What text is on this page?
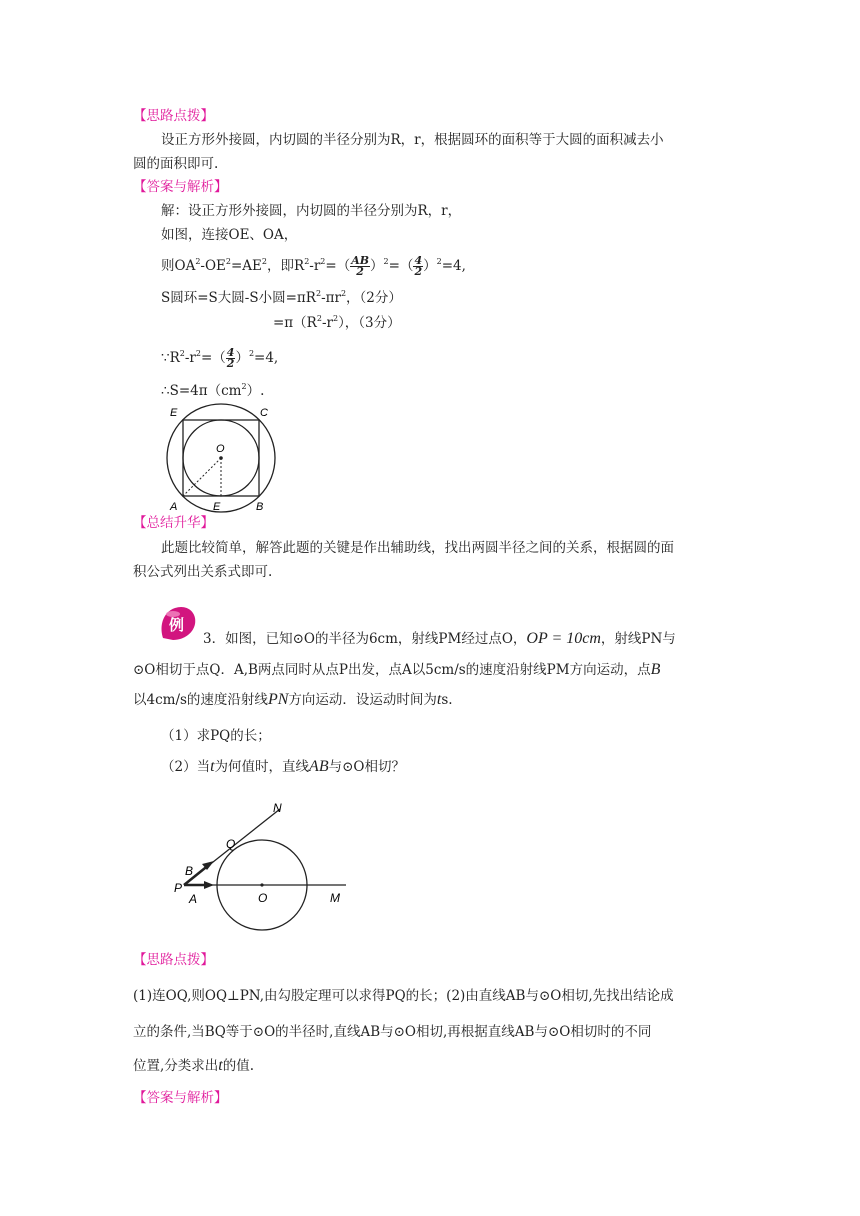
【思路点拨】
设正方形外接圆，内切圆的半径分别为R，r，根据圆环的面积等于大圆的面积减去小
圆的面积即可.
【答案与解析】
解：设正方形外接圆，内切圆的半径分别为R，r，
如图，连接OE、OA，
则$OA^2-OE^2=AE^2$，即$R^2-r^2=( \frac{AB}{2} )^2=( \frac{4}{2} )^2=4$,
S圆环=S大圆-S小圆$=\pi R^2-\pi r^2$，（2分）
$=\pi(R^2-r^2)$，（3分）
$\because R^2-r^2=( \frac{4}{2} )^2=4$,
$\therefore S=4\pi(cm^2)$.
E	C
O
A	E	B
【总结升华】
此题比较简单，解答此题的关键是作出辅助线，找出两圆半径之间的关系，根据圆的面
积公式列出关系式即可.
例
3．如图，已知⊙O的半径为6cm，射线PM经过点O，OP = 10cm，射线PN与
⊙O相切于点Q．A,B两点同时从点P出发，点A以5cm/s的速度沿射线PM方向运动，点B
以4cm/s的速度沿射线PN方向运动．设运动时间为ts.
（1）求PQ的长；
（2）当t为何值时，直线AB与⊙O相切？
N
Q
B
P
A	O	M
【思路点拨】
(1)连OQ,则OQ⊥PN,由勾股定理可以求得PQ的长；(2)由直线AB与⊙O相切,先找出结论成
立的条件,当BQ等于⊙O的半径时,直线AB与⊙O相切,再根据直线AB与⊙O相切时的不同
位置,分类求出t的值.
【答案与解析】
